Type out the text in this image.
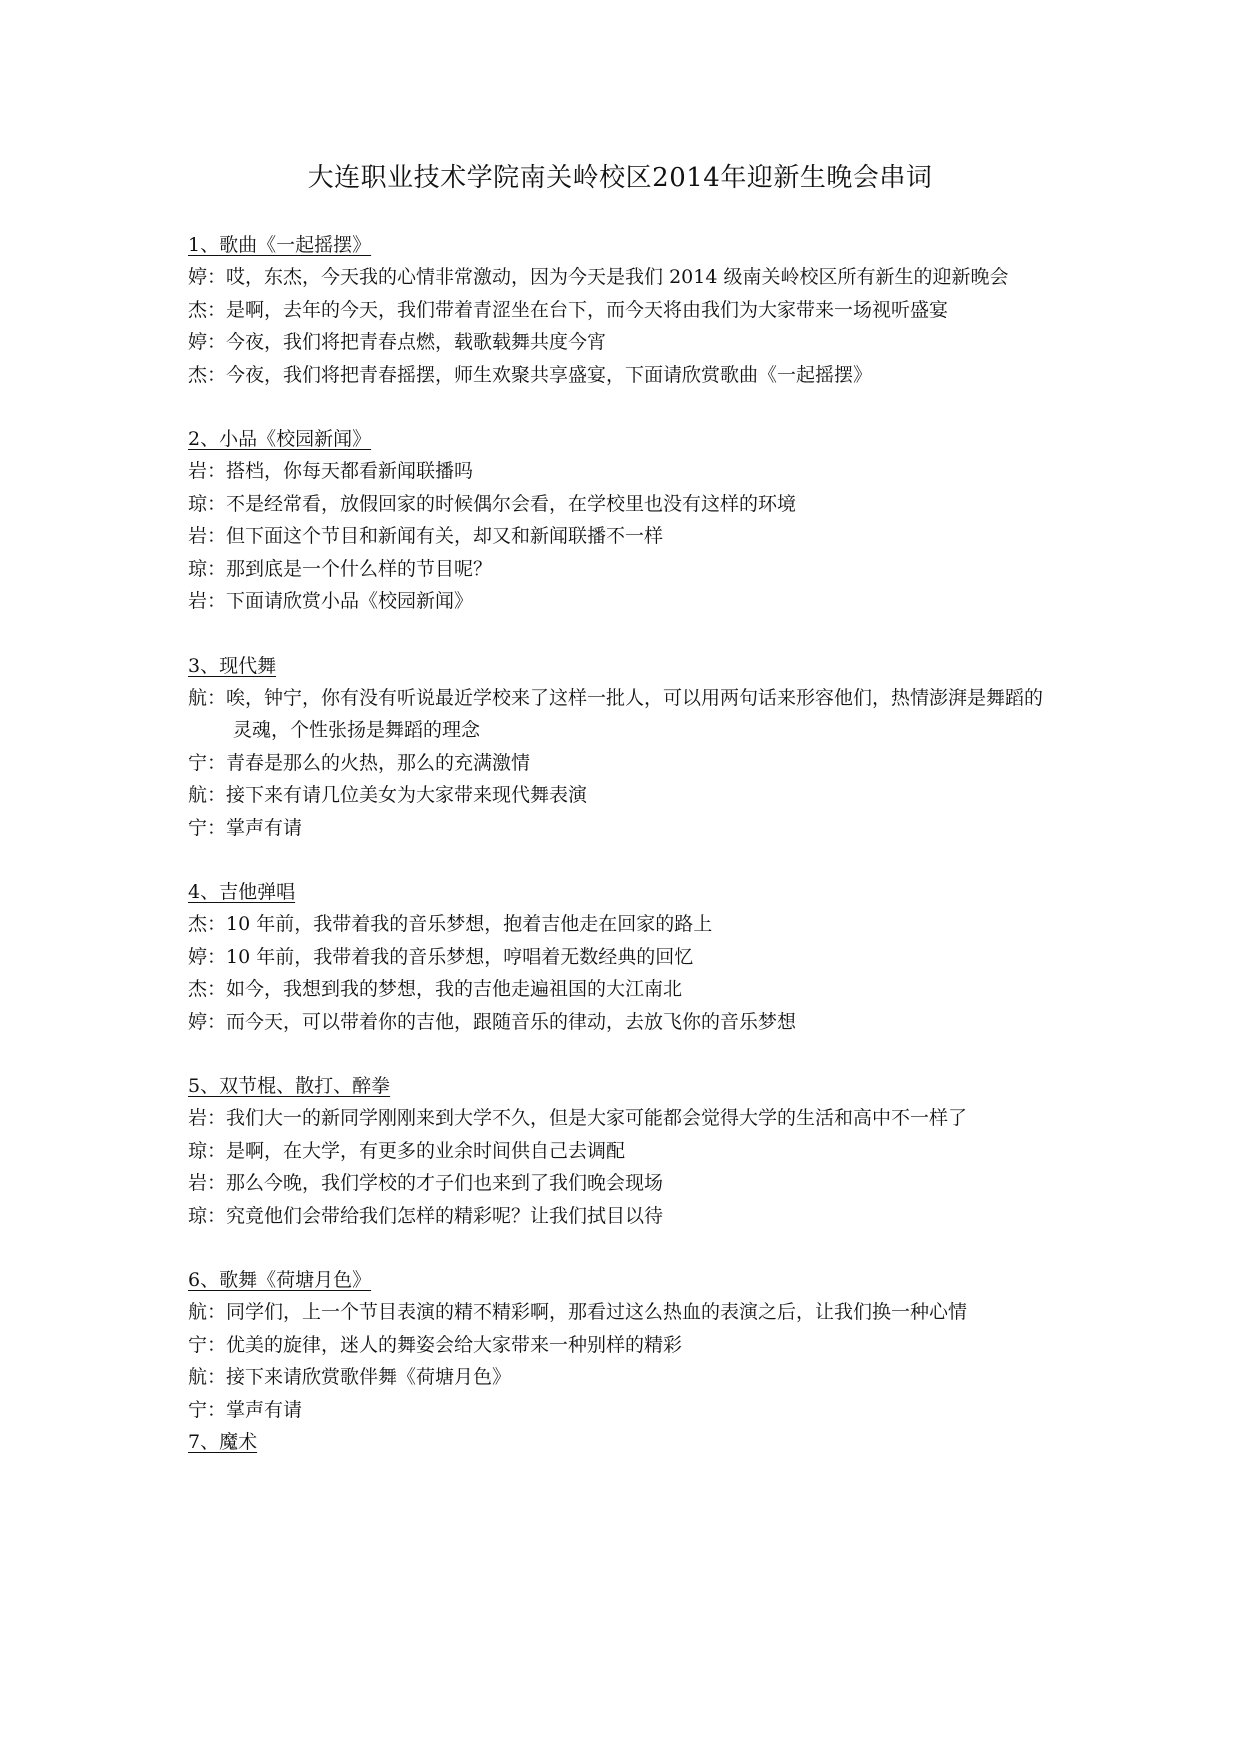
大连职业技术学院南关岭校区2014年迎新生晚会串词
1、歌曲《一起摇摆》
婷：哎，东杰，今天我的心情非常激动，因为今天是我们 2014 级南关岭校区所有新生的迎新晚会
杰：是啊，去年的今天，我们带着青涩坐在台下，而今天将由我们为大家带来一场视听盛宴
婷：今夜，我们将把青春点燃，载歌载舞共度今宵
杰：今夜，我们将把青春摇摆，师生欢聚共享盛宴，下面请欣赏歌曲《一起摇摆》
2、小品《校园新闻》
岩：搭档，你每天都看新闻联播吗
琼：不是经常看，放假回家的时候偶尔会看，在学校里也没有这样的环境
岩：但下面这个节目和新闻有关，却又和新闻联播不一样
琼：那到底是一个什么样的节目呢？
岩：下面请欣赏小品《校园新闻》
3、现代舞
航：唉，钟宁，你有没有听说最近学校来了这样一批人，可以用两句话来形容他们，热情澎湃是舞蹈的灵魂，个性张扬是舞蹈的理念
宁：青春是那么的火热，那么的充满激情
航：接下来有请几位美女为大家带来现代舞表演
宁：掌声有请
4、吉他弹唱
杰：10 年前，我带着我的音乐梦想，抱着吉他走在回家的路上
婷：10 年前，我带着我的音乐梦想，哼唱着无数经典的回忆
杰：如今，我想到我的梦想，我的吉他走遍祖国的大江南北
婷：而今天，可以带着你的吉他，跟随音乐的律动，去放飞你的音乐梦想
5、双节棍、散打、醉拳
岩：我们大一的新同学刚刚来到大学不久，但是大家可能都会觉得大学的生活和高中不一样了
琼：是啊，在大学，有更多的业余时间供自己去调配
岩：那么今晚，我们学校的才子们也来到了我们晚会现场
琼：究竟他们会带给我们怎样的精彩呢？让我们拭目以待
6、歌舞《荷塘月色》
航：同学们，上一个节目表演的精不精彩啊，那看过这么热血的表演之后，让我们换一种心情
宁：优美的旋律，迷人的舞姿会给大家带来一种别样的精彩
航：接下来请欣赏歌伴舞《荷塘月色》
宁：掌声有请
7、魔术
